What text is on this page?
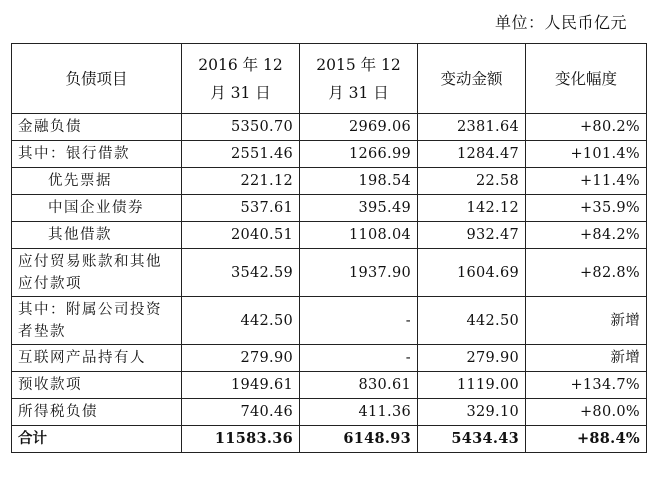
单位：人民币亿元
负债项目	2016 年 12 月 31 日	2015 年 12 月 31 日	变动金额	变化幅度
金融负债	5350.70	2969.06	2381.64	+80.2%
其中：银行借款	2551.46	1266.99	1284.47	+101.4%
优先票据	221.12	198.54	22.58	+11.4%
中国企业债券	537.61	395.49	142.12	+35.9%
其他借款	2040.51	1108.04	932.47	+84.2%
应付贸易账款和其他应付款项	3542.59	1937.90	1604.69	+82.8%
其中：附属公司投资者垫款	442.50	-	442.50	新增
互联网产品持有人	279.90	-	279.90	新增
预收款项	1949.61	830.61	1119.00	+134.7%
所得税负债	740.46	411.36	329.10	+80.0%
合计	11583.36	6148.93	5434.43	+88.4%
